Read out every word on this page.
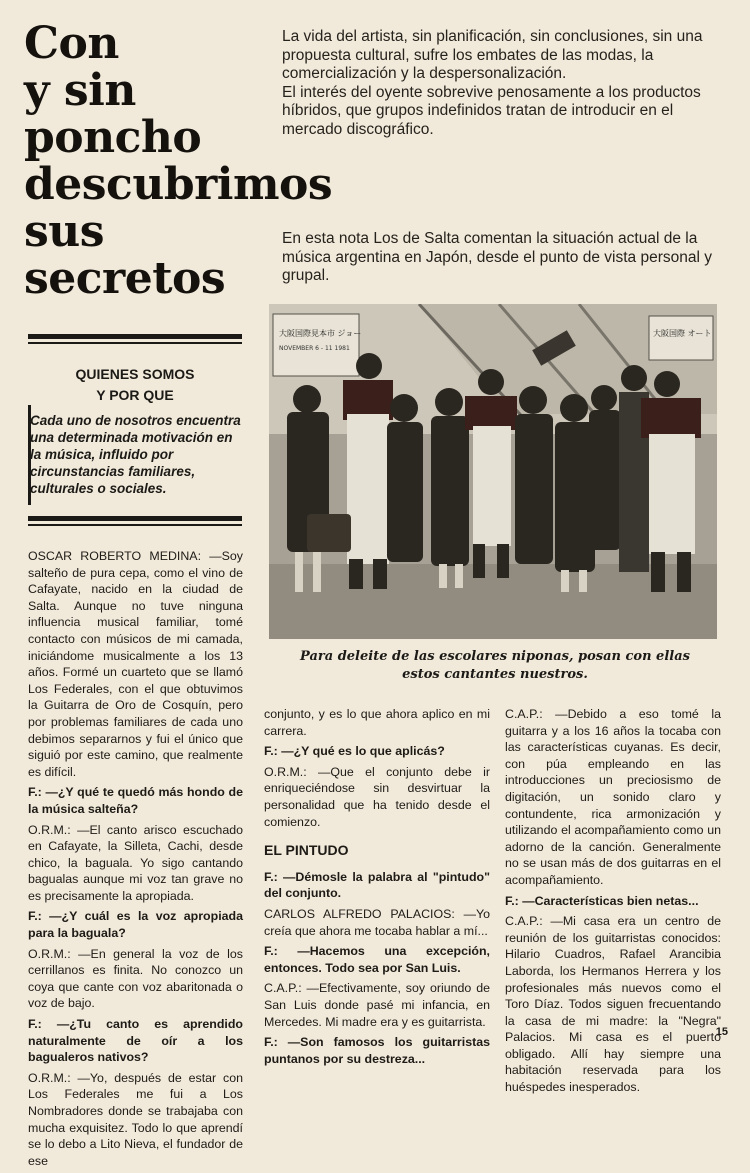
Con
y sin
poncho
descubrimos
sus
secretos

La vida del artista, sin planificación, sin conclusiones, sin una propuesta cultural, sufre los embates de las modas, la comercialización y la despersonalización.

El interés del oyente sobrevive penosamente a los productos híbridos, que grupos indefinidos tratan de introducir en el mercado discográfico.

En esta nota Los de Salta comentan la situación actual de la música argentina en Japón, desde el punto de vista personal y grupal.
大阪国際見本市 ジョー
NOVEMBER 6 - 11 1981
大阪国際 オート
Para deleite de las escolares niponas, posan con ellas estos cantantes nuestros.
QUIENES SOMOS
Y POR QUE
Cada uno de nosotros encuentra una determinada motivación en la música, influido por circunstancias familiares, culturales o sociales.

OSCAR ROBERTO MEDINA: —Soy salteño de pura cepa, como el vino de Cafayate, nacido en la ciudad de Salta. Aunque no tuve ninguna influencia musical familiar, tomé contacto con músicos de mi camada, iniciándome musicalmente a los 13 años. Formé un cuarteto que se llamó Los Federales, con el que obtuvimos la Guitarra de Oro de Cosquín, pero por problemas familiares de cada uno debimos separarnos y fui el único que siguió por este camino, que realmente es difícil.

F.: —¿Y qué te quedó más hondo de la música salteña?

O.R.M.: —El canto arisco escuchado en Cafayate, la Silleta, Cachi, desde chico, la baguala. Yo sigo cantando bagualas aunque mi voz tan grave no es precisamente la apropiada.

F.: —¿Y cuál es la voz apropiada para la baguala?

O.R.M.: —En general la voz de los cerrillanos es finita. No conozco un coya que cante con voz abaritonada o voz de bajo.

F.: —¿Tu canto es aprendido naturalmente de oír a los bagualeros nativos?

O.R.M.: —Yo, después de estar con Los Federales me fui a Los Nombradores donde se trabajaba con mucha exquisitez. Todo lo que aprendí se lo debo a Lito Nieva, el fundador de ese

conjunto, y es lo que ahora aplico en mi carrera.

F.: —¿Y qué es lo que aplicás?

O.R.M.: —Que el conjunto debe ir enriqueciéndose sin desvirtuar la personalidad que ha tenido desde el comienzo.

EL PINTUDO

F.: —Démosle la palabra al "pintudo" del conjunto.

CARLOS ALFREDO PALACIOS: —Yo creía que ahora me tocaba hablar a mí...

F.: —Hacemos una excepción, entonces. Todo sea por San Luis.

C.A.P.: —Efectivamente, soy oriundo de San Luis donde pasé mi infancia, en Mercedes. Mi madre era y es guitarrista.

F.: —Son famosos los guitarristas puntanos por su destreza...

C.A.P.: —Debido a eso tomé la guitarra y a los 16 años la tocaba con las características cuyanas. Es decir, con púa empleando en las introducciones un preciosismo de digitación, un sonido claro y contundente, rica armonización y utilizando el acompañamiento como un adorno de la canción. Generalmente no se usan más de dos guitarras en el acompañamiento.

F.: —Características bien netas...

C.A.P.: —Mi casa era un centro de reunión de los guitarristas conocidos: Hilario Cuadros, Rafael Arancibia Laborda, los Hermanos Herrera y los profesionales más nuevos como el Toro Díaz. Todos siguen frecuentando la casa de mi madre: la "Negra" Palacios. Mi casa es el puerto obligado. Allí hay siempre una habitación reservada para los huéspedes inesperados.

15
